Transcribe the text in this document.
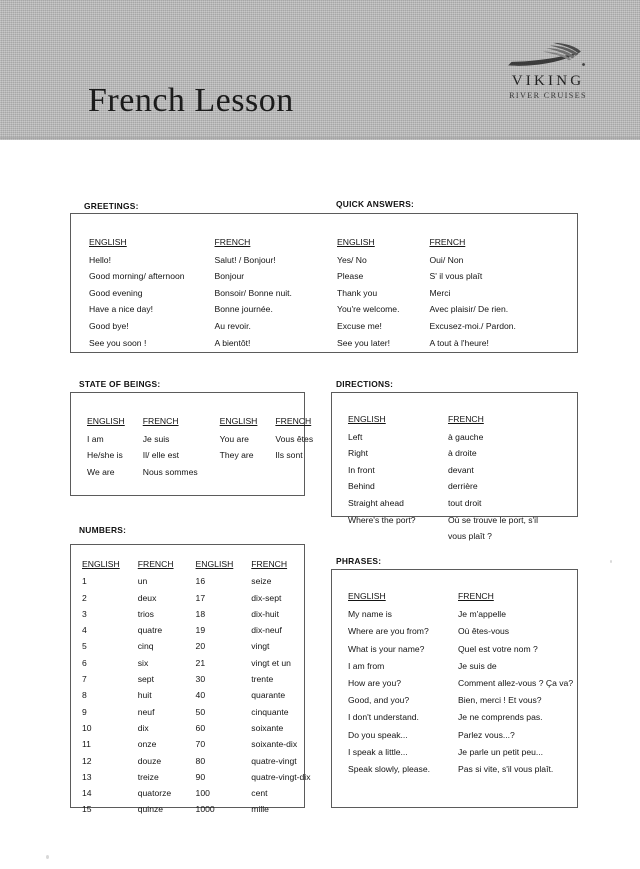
French Lesson
VIKING
RIVER CRUISES
GREETINGS:	QUICK ANSWERS:
ENGLISH	FRENCH
Hello!	Salut! / Bonjour!
Good morning/ afternoon	Bonjour
Good evening	Bonsoir/ Bonne nuit.
Have a nice day!	Bonne journée.
Good bye!	Au revoir.
See you soon !	A bientôt!
ENGLISH	FRENCH
Yes/ No	Oui/ Non
Please	S' il vous plaît
Thank you	Merci
You're welcome.	Avec plaisir/ De rien.
Excuse me!	Excusez-moi./ Pardon.
See you later!	A tout à l'heure!
STATE OF BEINGS:	DIRECTIONS:
ENGLISH	FRENCH	ENGLISH	FRENCH
I am	Je suis	You are	Vous êtes
He/she is	Il/ elle est	They are	Ils sont
We are	Nous sommes		
ENGLISH	FRENCH
Left	à gauche
Right	à droite
In front	devant
Behind	derrière
Straight ahead	tout droit
Where's the port?	Où se trouve le port, s'il vous plaît ?
NUMBERS:
PHRASES:
ENGLISH	FRENCH	ENGLISH	FRENCH
1	un	16	seize
2	deux	17	dix-sept
3	trios	18	dix-huit
4	quatre	19	dix-neuf
5	cinq	20	vingt
6	six	21	vingt et un
7	sept	30	trente
8	huit	40	quarante
9	neuf	50	cinquante
10	dix	60	soixante
11	onze	70	soixante-dix
12	douze	80	quatre-vingt
13	treize	90	quatre-vingt-dix
14	quatorze	100	cent
15	quinze	1000	mille
ENGLISH	FRENCH
My name is	Je m'appelle
Where are you from?	Où êtes-vous
What is your name?	Quel est votre nom ?
I am from	Je suis de
How are you?	Comment allez-vous ? Ça va?
Good, and you?	Bien, merci ! Et vous?
I don't understand.	Je ne comprends pas.
Do you speak...	Parlez vous...?
I speak a little...	Je parle un petit peu...
Speak slowly, please.	Pas si vite, s'il vous plaît.
